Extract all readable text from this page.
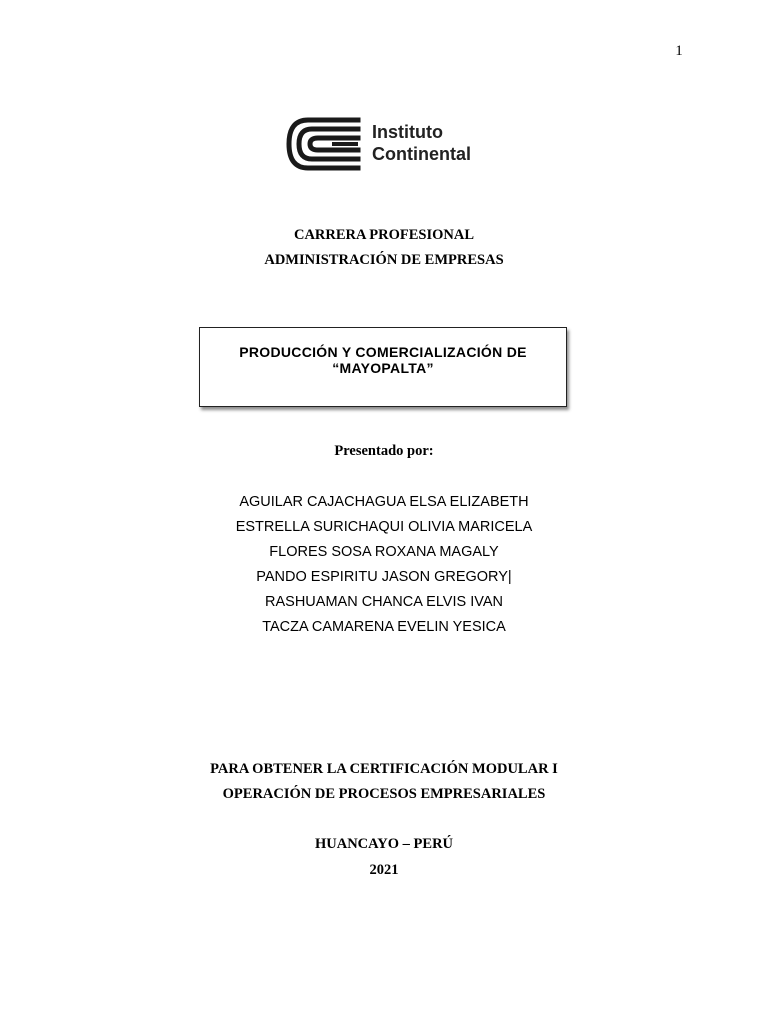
1
Instituto
Continental
CARRERA PROFESIONAL
ADMINISTRACIÓN DE EMPRESAS
PRODUCCIÓN Y COMERCIALIZACIÓN DE
“MAYOPALTA”
Presentado por:
AGUILAR CAJACHAGUA ELSA ELIZABETH
ESTRELLA SURICHAQUI OLIVIA MARICELA
FLORES SOSA ROXANA MAGALY
PANDO ESPIRITU JASON GREGORY|
RASHUAMAN CHANCA ELVIS IVAN
TACZA CAMARENA EVELIN YESICA
PARA OBTENER LA CERTIFICACIÓN MODULAR I
OPERACIÓN DE PROCESOS EMPRESARIALES
HUANCAYO – PERÚ
2021
